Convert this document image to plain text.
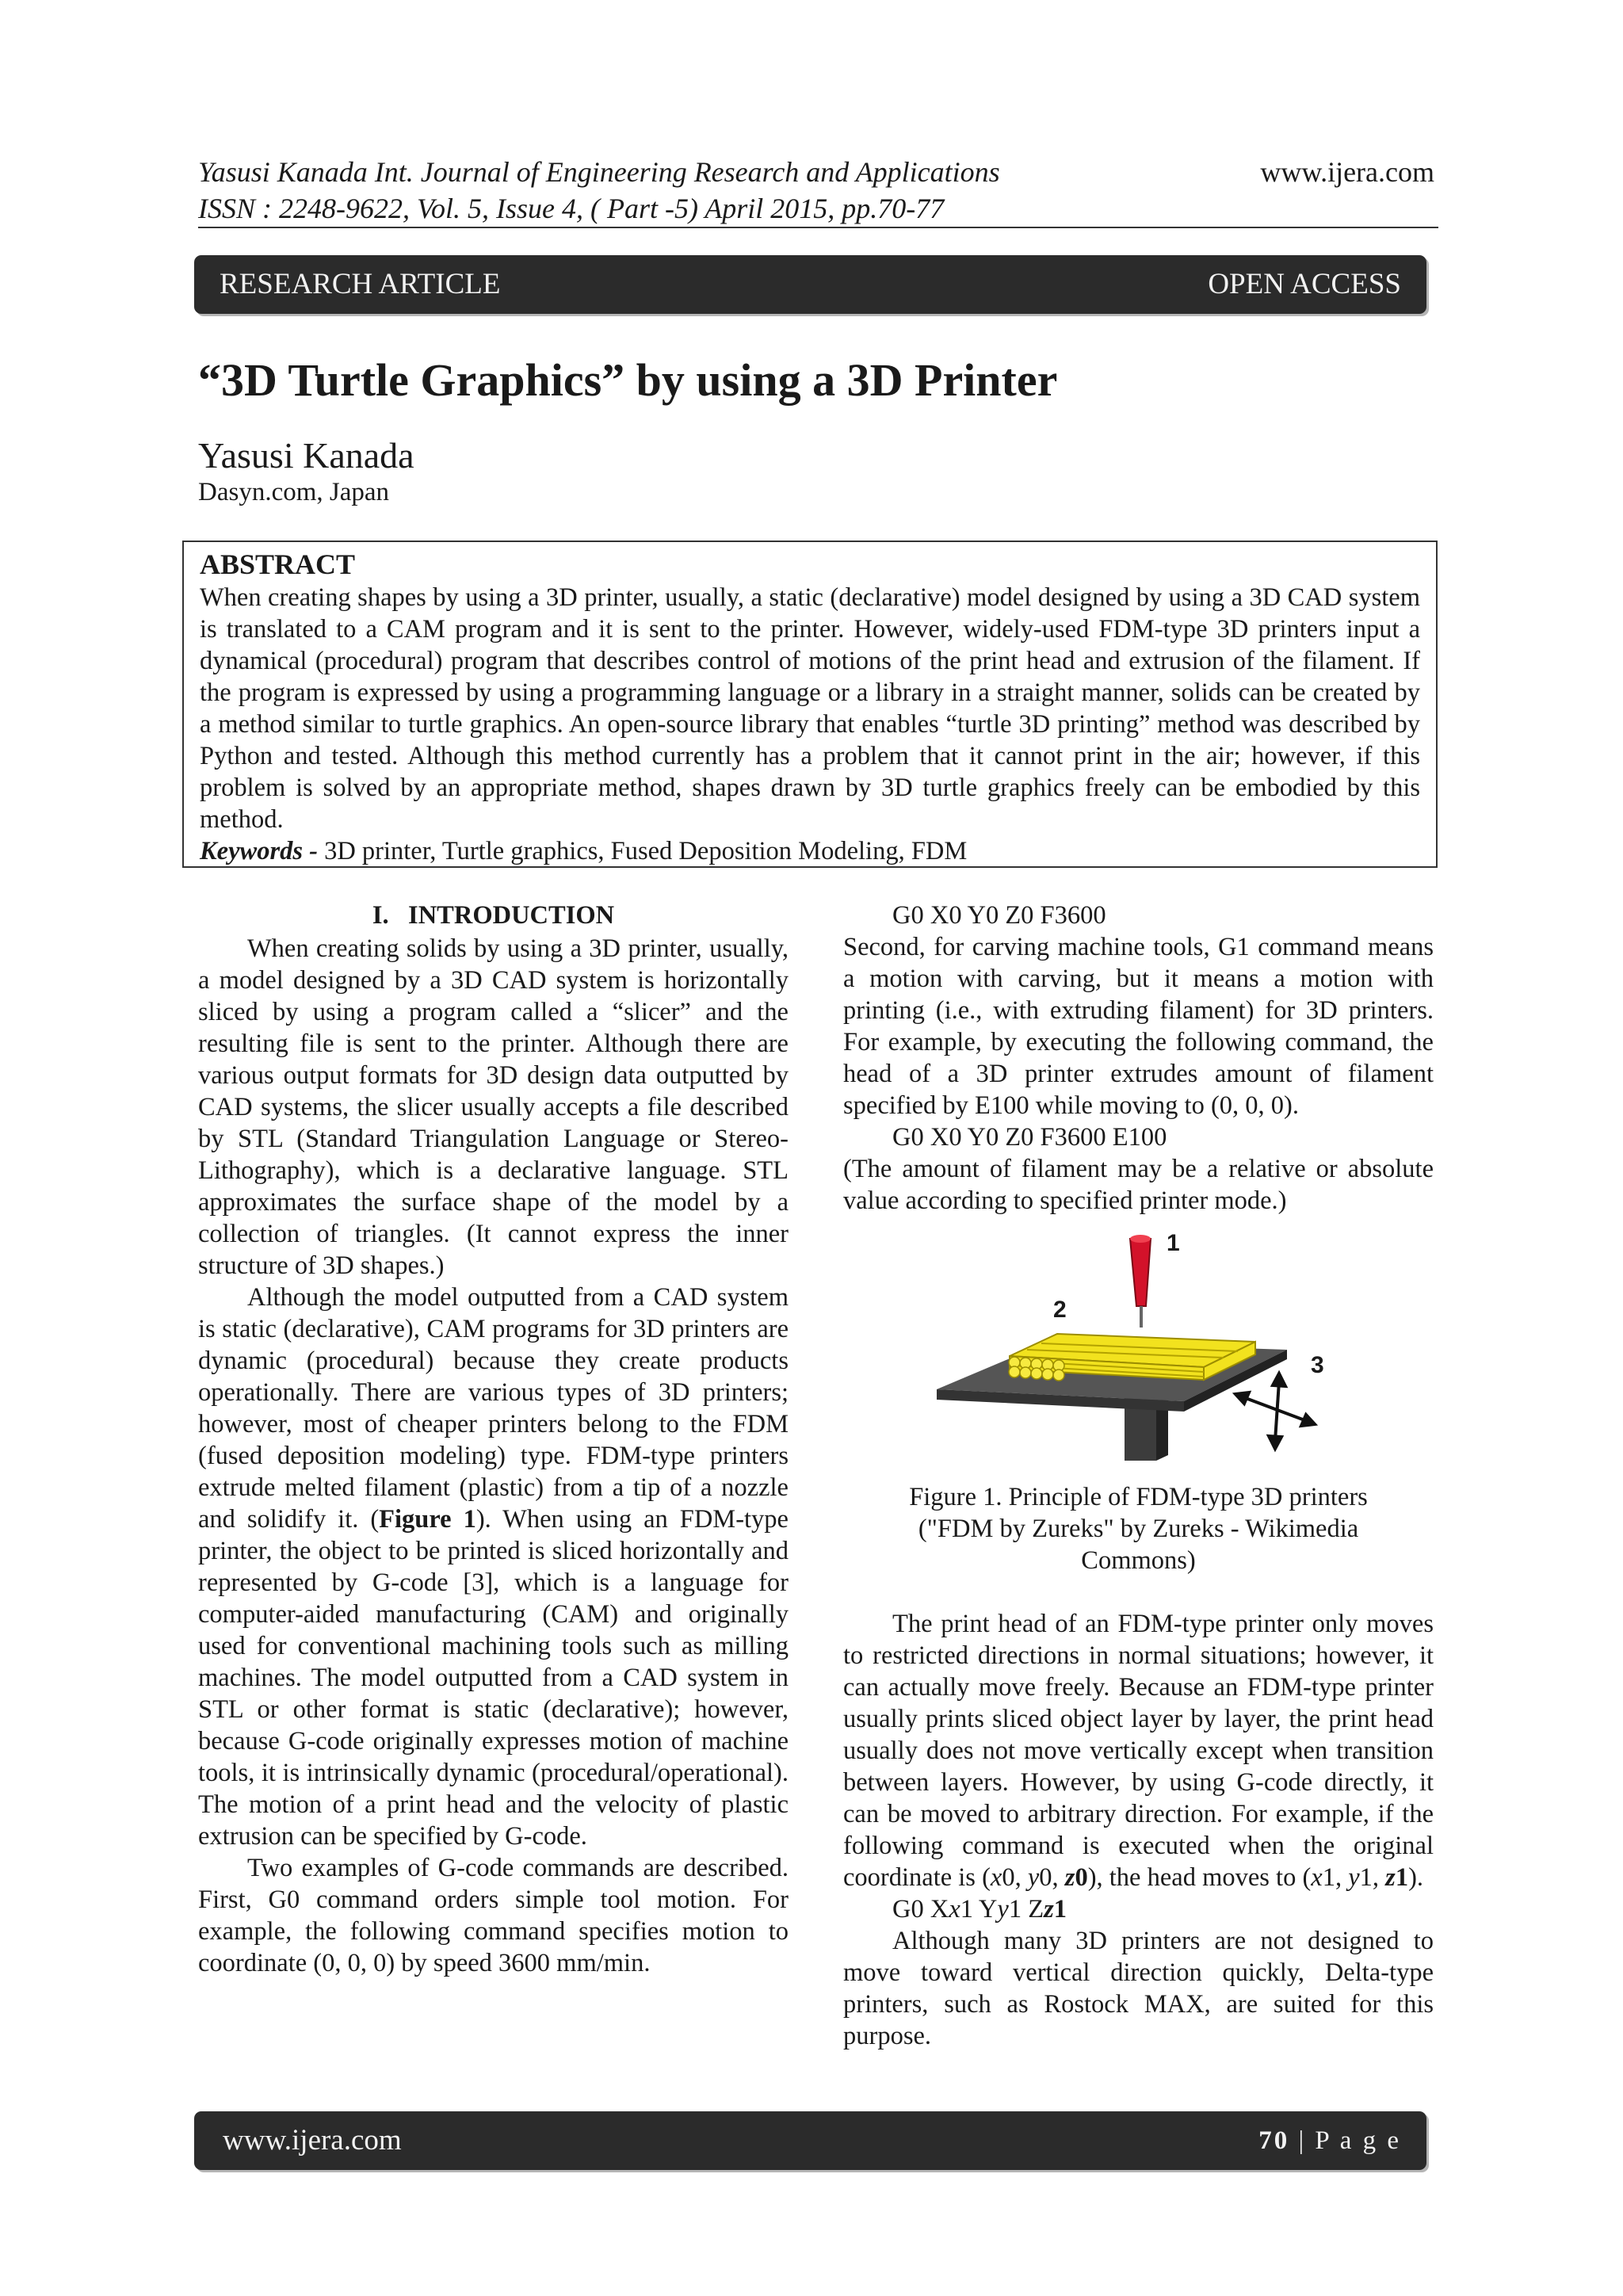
Yasusi Kanada Int. Journal of Engineering Research and Applications
ISSN : 2248-9622, Vol. 5, Issue 4, ( Part -5) April 2015, pp.70-77
www.ijera.com
RESEARCH ARTICLE	OPEN ACCESS
“3D Turtle Graphics” by using a 3D Printer
Yasusi Kanada
Dasyn.com, Japan
ABSTRACT

When creating shapes by using a 3D printer, usually, a static (declarative) model designed by using a 3D CAD system is translated to a CAM program and it is sent to the printer. However, widely-used FDM-type 3D printers input a dynamical (procedural) program that describes control of motions of the print head and extrusion of the filament. If the program is expressed by using a programming language or a library in a straight manner, solids can be created by a method similar to turtle graphics. An open-source library that enables “turtle 3D printing” method was described by Python and tested. Although this method currently has a problem that it cannot print in the air; however, if this problem is solved by an appropriate method, shapes drawn by 3D turtle graphics freely can be embodied by this method.

Keywords - 3D printer, Turtle graphics, Fused Deposition Modeling, FDM

I. INTRODUCTION

When creating solids by using a 3D printer, usually, a model designed by a 3D CAD system is horizontally sliced by using a program called a “slicer” and the resulting file is sent to the printer. Although there are various output formats for 3D design data outputted by CAD systems, the slicer usually accepts a file described by STL (Standard Triangulation Language or Stereo-Lithography), which is a declarative language. STL approximates the surface shape of the model by a collection of triangles. (It cannot express the inner structure of 3D shapes.)

Although the model outputted from a CAD system is static (declarative), CAM programs for 3D printers are dynamic (procedural) because they create products operationally. There are various types of 3D printers; however, most of cheaper printers belong to the FDM (fused deposition modeling) type. FDM-type printers extrude melted filament (plastic) from a tip of a nozzle and solidify it. (Figure 1). When using an FDM-type printer, the object to be printed is sliced horizontally and represented by G-code [3], which is a language for computer-aided manufacturing (CAM) and originally used for conventional machining tools such as milling machines. The model outputted from a CAD system in STL or other format is static (declarative); however, because G-code originally expresses motion of machine tools, it is intrinsically dynamic (procedural/operational). The motion of a print head and the velocity of plastic extrusion can be specified by G-code.

Two examples of G-code commands are described. First, G0 command orders simple tool motion. For example, the following command specifies motion to coordinate (0, 0, 0) by speed 3600 mm/min.

G0 X0 Y0 Z0 F3600

Second, for carving machine tools, G1 command means a motion with carving, but it means a motion with printing (i.e., with extruding filament) for 3D printers. For example, by executing the following command, the head of a 3D printer extrudes amount of filament specified by E100 while moving to (0, 0, 0).

G0 X0 Y0 Z0 F3600 E100

(The amount of filament may be a relative or absolute value according to specified printer mode.)

1
2
3

Figure 1. Principle of FDM-type 3D printers

("FDM by Zureks" by Zureks - Wikimedia

Commons)

The print head of an FDM-type printer only moves to restricted directions in normal situations; however, it can actually move freely. Because an FDM-type printer usually prints sliced object layer by layer, the print head usually does not move vertically except when transition between layers. However, by using G-code directly, it can be moved to arbitrary direction. For example, if the following command is executed when the original coordinate is (x0, y0, z0), the head moves to (x1, y1, z1).

G0 Xx1 Yy1 Zz1

Although many 3D printers are not designed to move toward vertical direction quickly, Delta-type printers, such as Rostock MAX, are suited for this purpose.

www.ijera.com	70 | P a g e
